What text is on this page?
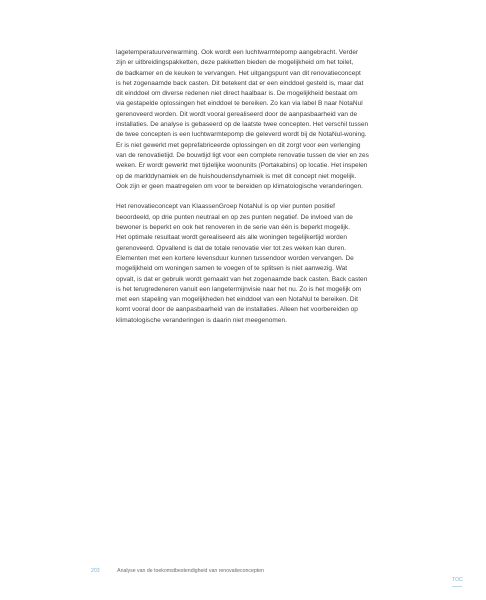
lagetemperatuurverwarming. Ook wordt een luchtwarmtepomp aangebracht. Verder
zijn er uitbreidingspakketten, deze pakketten bieden de mogelijkheid om het toilet,
de badkamer en de keuken te vervangen. Het uitgangspunt van dit renovatieconcept
is het zogenaamde back casten. Dit betekent dat er een einddoel gesteld is, maar dat
dit einddoel om diverse redenen niet direct haalbaar is. De mogelijkheid bestaat om
via gestapelde oplossingen het einddoel te bereiken. Zo kan via label B naar NotaNul
gerenoveerd worden. Dit wordt vooral gerealiseerd door de aanpasbaarheid van de
installaties. De analyse is gebaseerd op de laatste twee concepten. Het verschil tussen
de twee concepten is een luchtwarmtepomp die geleverd wordt bij de NotaNul-woning.
Er is niet gewerkt met geprefabriceerde oplossingen en dit zorgt voor een verlenging
van de renovatietijd. De bouwtijd ligt voor een complete renovatie tussen de vier en zes
weken. Er wordt gewerkt met tijdelijke woonunits (Portakabins) op locatie. Het inspelen
op de marktdynamiek en de huishoudensdynamiek is met dit concept niet mogelijk.
Ook zijn er geen maatregelen om voor te bereiden op klimatologische veranderingen.

Het renovatieconcept van KlaassenGroep NotaNul is op vier punten positief
beoordeeld, op drie punten neutraal en op zes punten negatief. De invloed van de
bewoner is beperkt en ook het renoveren in de serie van één is beperkt mogelijk.
Het optimale resultaat wordt gerealiseerd als alle woningen tegelijkertijd worden
gerenoveerd. Opvallend is dat de totale renovatie vier tot zes weken kan duren.
Elementen met een kortere levensduur kunnen tussendoor worden vervangen. De
mogelijkheid om woningen samen te voegen of te splitsen is niet aanwezig. Wat
opvalt, is dat er gebruik wordt gemaakt van het zogenaamde back casten. Back casten
is het terugredeneren vanuit een langetermijnvisie naar het nu. Zo is het mogelijk om
met een stapeling van mogelijkheden het einddoel van een NotaNul te bereiken. Dit
komt vooral door de aanpasbaarheid van de installaties. Alleen het voorbereiden op
klimatologische veranderingen is daarin niet meegenomen.

203	Analyse van de toekomstbestendigheid van renovatieconcepten
TOC
